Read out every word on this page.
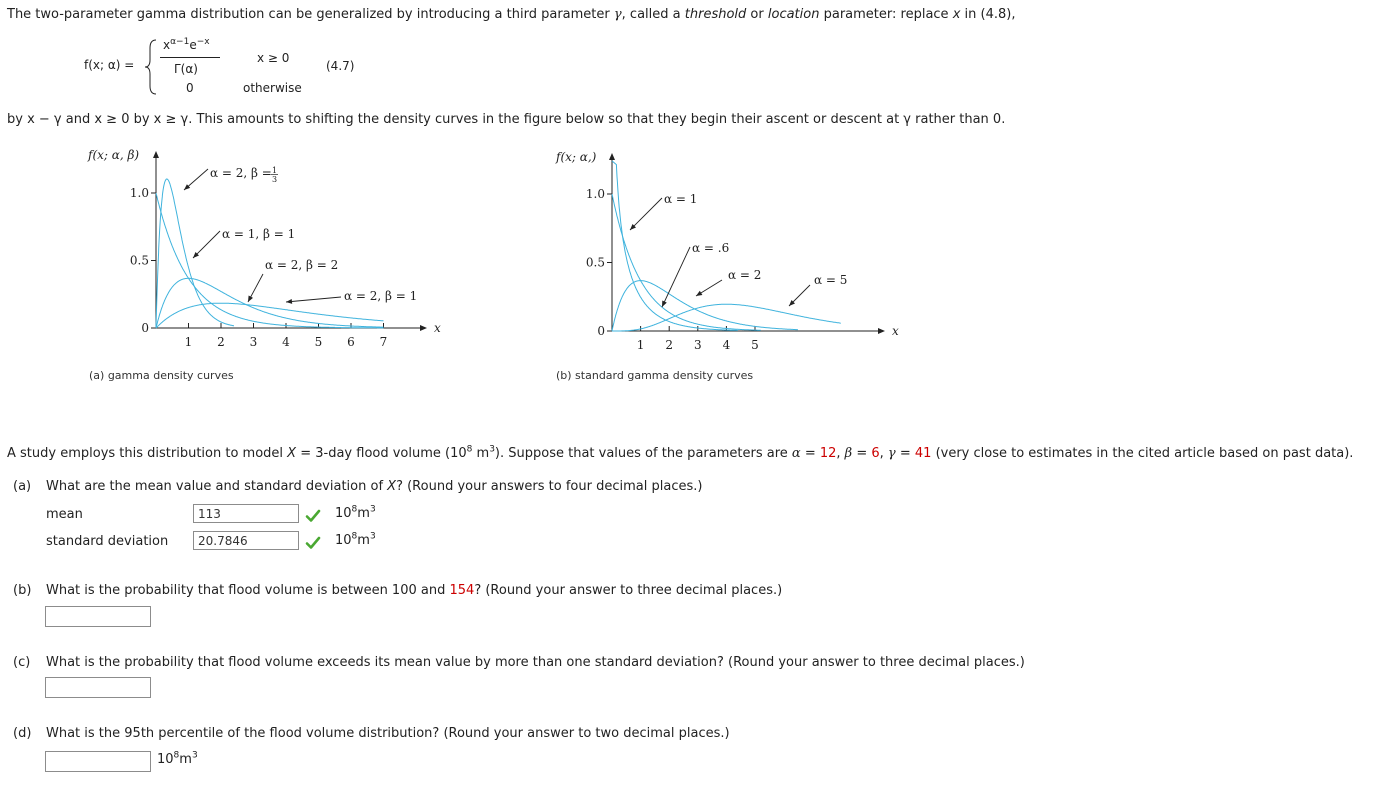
The two-parameter gamma distribution can be generalized by introducing a third parameter γ, called a threshold or location parameter: replace x in (4.8),
f(x; α) =
$x^{\alpha-1}e^{-x}$
Γ(α)
x ≥ 0
0	otherwise
(4.7)
by x − γ and x ≥ 0 by x ≥ γ. This amounts to shifting the density curves in the figure below so that they begin their ascent or descent at γ rather than 0.
1 2 3 4 5 6 7
0
0.5
1.0
f(x; α, β)
x
α = 2, β = 1
3
α = 1, β = 1
α = 2, β = 2
α = 2, β = 1
(a) gamma density curves
1 2 3 4 5
0
0.5
1.0
f(x; α,)
x
α = 1
α = .6
α = 2	α = 5
(b) standard gamma density curves
A study employs this distribution to model X = 3-day flood volume ($10^8$ $m^3$). Suppose that values of the parameters are α = 12, β = 6, γ = 41 (very close to estimates in the cited article based on past data).
(a) What are the mean value and standard deviation of X? (Round your answers to four decimal places.)
mean
113	$10^8m^3$
standard deviation
20.7846	$10^8m^3$
(b) What is the probability that flood volume is between 100 and 154? (Round your answer to three decimal places.)
(c) What is the probability that flood volume exceeds its mean value by more than one standard deviation? (Round your answer to three decimal places.)
(d) What is the 95th percentile of the flood volume distribution? (Round your answer to two decimal places.)
$10^8m^3$
